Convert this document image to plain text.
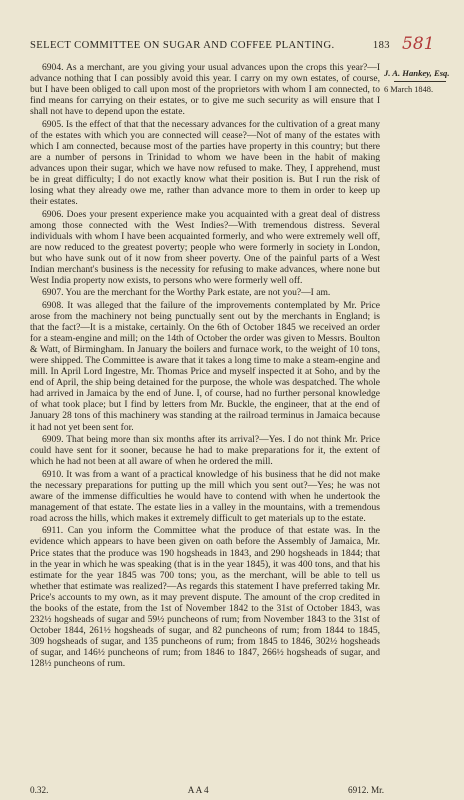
SELECT COMMITTEE ON SUGAR AND COFFEE PLANTING.	183 581
J. A. Hankey, Esq.
6 March 1848.

6904. As a merchant, are you giving your usual advances upon the crops this year?—I advance nothing that I can possibly avoid this year. I carry on my own estates, of course, but I have been obliged to call upon most of the proprietors with whom I am connected, to find means for carrying on their estates, or to give me such security as will ensure that I shall not have to depend upon the estate.

6905. Is the effect of that that the necessary advances for the cultivation of a great many of the estates with which you are connected will cease?—Not of many of the estates with which I am connected, because most of the parties have property in this country; but there are a number of persons in Trinidad to whom we have been in the habit of making advances upon their sugar, which we have now refused to make. They, I apprehend, must be in great difficulty; I do not exactly know what their position is. But I run the risk of losing what they already owe me, rather than advance more to them in order to keep up their estates.

6906. Does your present experience make you acquainted with a great deal of distress among those connected with the West Indies?—With tremendous distress. Several individuals with whom I have been acquainted formerly, and who were extremely well off, are now reduced to the greatest poverty; people who were formerly in society in London, but who have sunk out of it now from sheer poverty. One of the painful parts of a West Indian merchant's business is the necessity for refusing to make advances, where none but West India property now exists, to persons who were formerly well off.

6907. You are the merchant for the Worthy Park estate, are not you?—I am.

6908. It was alleged that the failure of the improvements contemplated by Mr. Price arose from the machinery not being punctually sent out by the merchants in England; is that the fact?—It is a mistake, certainly. On the 6th of October 1845 we received an order for a steam-engine and mill; on the 14th of October the order was given to Messrs. Boulton & Watt, of Birmingham. In January the boilers and furnace work, to the weight of 10 tons, were shipped. The Committee is aware that it takes a long time to make a steam-engine and mill. In April Lord Ingestre, Mr. Thomas Price and myself inspected it at Soho, and by the end of April, the ship being detained for the purpose, the whole was despatched. The whole had arrived in Jamaica by the end of June. I, of course, had no further personal knowledge of what took place; but I find by letters from Mr. Buckle, the engineer, that at the end of January 28 tons of this machinery was standing at the railroad terminus in Jamaica because it had not yet been sent for.

6909. That being more than six months after its arrival?—Yes. I do not think Mr. Price could have sent for it sooner, because he had to make preparations for it, the extent of which he had not been at all aware of when he ordered the mill.

6910. It was from a want of a practical knowledge of his business that he did not make the necessary preparations for putting up the mill which you sent out?—Yes; he was not aware of the immense difficulties he would have to contend with when he undertook the management of that estate. The estate lies in a valley in the mountains, with a tremendous road across the hills, which makes it extremely difficult to get materials up to the estate.

6911. Can you inform the Committee what the produce of that estate was. In the evidence which appears to have been given on oath before the Assembly of Jamaica, Mr. Price states that the produce was 190 hogsheads in 1843, and 290 hogsheads in 1844; that in the year in which he was speaking (that is in the year 1845), it was 400 tons, and that his estimate for the year 1845 was 700 tons; you, as the merchant, will be able to tell us whether that estimate was realized?—As regards this statement I have preferred taking Mr. Price's accounts to my own, as it may prevent dispute. The amount of the crop credited in the books of the estate, from the 1st of November 1842 to the 31st of October 1843, was 232½ hogsheads of sugar and 59½ puncheons of rum; from November 1843 to the 31st of October 1844, 261½ hogsheads of sugar, and 82 puncheons of rum; from 1844 to 1845, 309 hogsheads of sugar, and 135 puncheons of rum; from 1845 to 1846, 302½ hogsheads of sugar, and 146½ puncheons of rum; from 1846 to 1847, 266½ hogsheads of sugar, and 128½ puncheons of rum.

0.32.	A A 4	6912. Mr.
